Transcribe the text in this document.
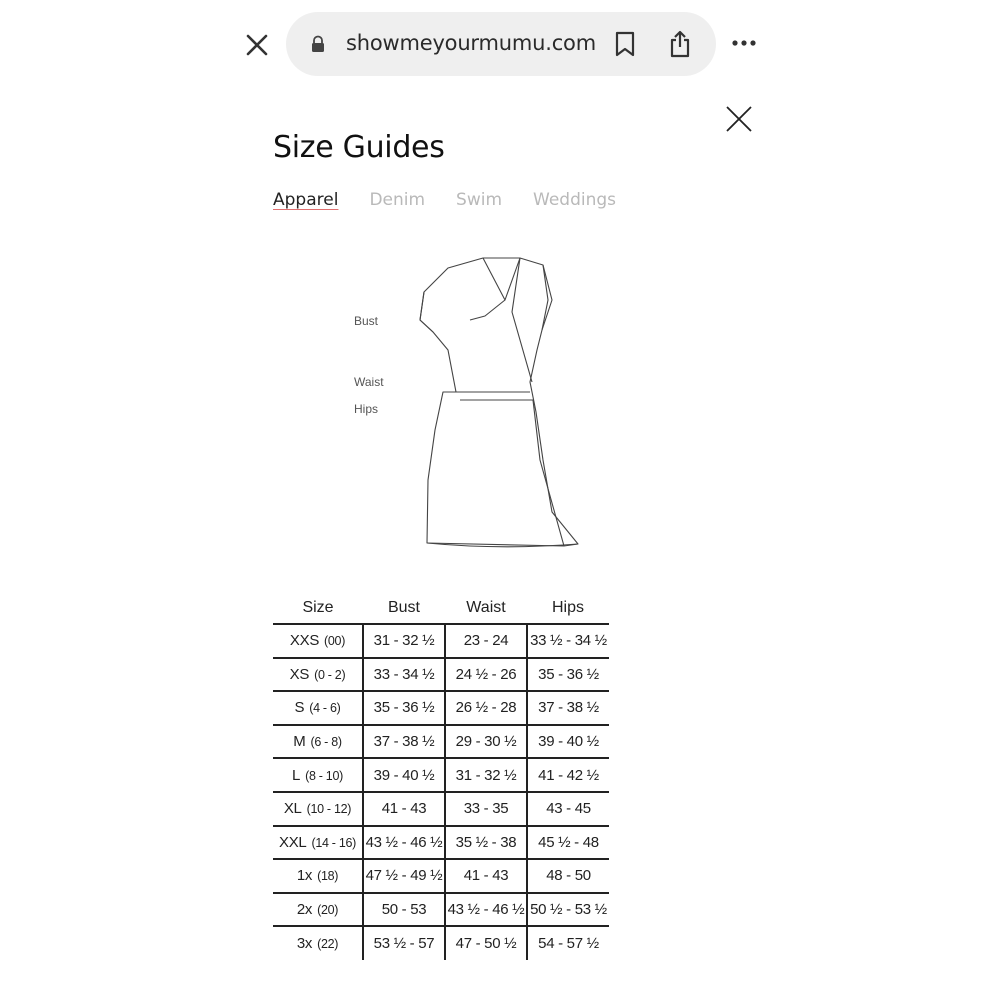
showmeyourmumu.com
Size Guides
Apparel Denim Swim Weddings
Bust
Waist
Hips
Size	Bust	Waist	Hips
XXS (00)	31 - 32 ½	23 - 24	33 ½ - 34 ½
XS (0 - 2)	33 - 34 ½	24 ½ - 26	35 - 36 ½
S (4 - 6)	35 - 36 ½	26 ½ - 28	37 - 38 ½
M (6 - 8)	37 - 38 ½	29 - 30 ½	39 - 40 ½
L (8 - 10)	39 - 40 ½	31 - 32 ½	41 - 42 ½
XL (10 - 12)	41 - 43	33 - 35	43 - 45
XXL (14 - 16)	43 ½ - 46 ½	35 ½ - 38	45 ½ - 48
1x (18)	47 ½ - 49 ½	41 - 43	48 - 50
2x (20)	50 - 53	43 ½ - 46 ½	50 ½ - 53 ½
3x (22)	53 ½ - 57	47 - 50 ½	54 - 57 ½
